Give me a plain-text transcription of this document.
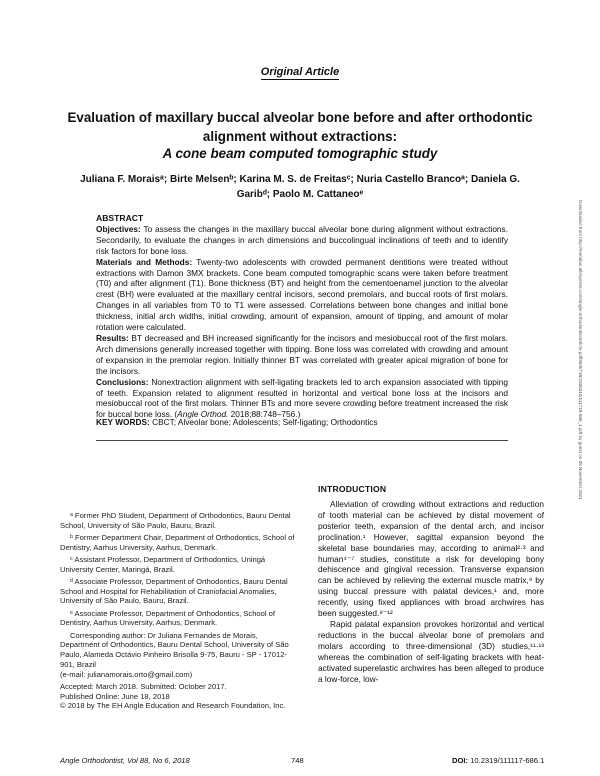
Original Article
Evaluation of maxillary buccal alveolar bone before and after orthodontic alignment without extractions:
A cone beam computed tomographic study
Juliana F. Moraisᵃ; Birte Melsenᵇ; Karina M. S. de Freitasᶜ; Nuria Castello Brancoᵃ; Daniela G.
Garibᵈ; Paolo M. Cattaneoᵉ
ABSTRACT
Objectives: To assess the changes in the maxillary buccal alveolar bone during alignment without extractions. Secondarily, to evaluate the changes in arch dimensions and buccolingual inclinations of teeth and to identify risk factors for bone loss.
Materials and Methods: Twenty-two adolescents with crowded permanent dentitions were treated without extractions with Damon 3MX brackets. Cone beam computed tomographic scans were taken before treatment (T0) and after alignment (T1). Bone thickness (BT) and height from the cementoenamel junction to the alveolar crest (BH) were evaluated at the maxillary central incisors, second premolars, and buccal roots of first molars. Changes in all variables from T0 to T1 were assessed. Correlations between bone changes and initial bone thickness, initial arch widths, initial crowding, amount of expansion, amount of tipping, and amount of molar rotation were calculated.
Results: BT decreased and BH increased significantly for the incisors and mesiobuccal root of the first molars. Arch dimensions generally increased together with tipping. Bone loss was correlated with crowding and amount of expansion in the premolar region. Initially thinner BT was correlated with greater apical migration of bone for the incisors.
Conclusions: Nonextraction alignment with self-ligating brackets led to arch expansion associated with tipping of teeth. Expansion related to alignment resulted in horizontal and vertical bone loss at the incisors and mesiobuccal root of the first molars. Thinner BTs and more severe crowding before treatment increased the risk for buccal bone loss. (Angle Orthod. 2018;88:748–756.)
KEY WORDS: CBCT; Alveolar bone; Adolescents; Self-ligating; Orthodontics	Downloaded from http://meridian.allenpress.com/angle-orthodontist/article-pdf/88/6/748/2336310/111718-686_1.pdf by guest on 05 November 2021

ᵃ Former PhD Student, Department of Orthodontics, Bauru Dental School, University of São Paulo, Bauru, Brazil.

ᵇ Former Department Chair, Department of Orthodontics, School of Dentistry, Aarhus University, Aarhus, Denmark.

ᶜ Assistant Professor, Department of Orthodontics, Uningá University Center, Maringá, Brazil.

ᵈ Associate Professor, Department of Orthodontics, Bauru Dental School and Hospital for Rehabilitation of Craniofacial Anomalies, University of São Paulo, Bauru, Brazil.

ᵉ Associate Professor, Department of Orthodontics, School of Dentistry, Aarhus University, Aarhus, Denmark.

Corresponding author: Dr Juliana Fernandes de Morais, Department of Orthodontics, Bauru Dental School, University of São Paulo, Alameda Octávio Pinheiro Brisolla 9-75, Bauru - SP - 17012-901, Brazil

(e-mail: julianamorais.orto@gmail.com)

Accepted: March 2018. Submitted: October 2017.
Published Online: June 18, 2018
© 2018 by The EH Angle Education and Research Foundation, Inc.
INTRODUCTION

Alleviation of crowding without extractions and reduction of tooth material can be achieved by distal movement of posterior teeth, expansion of the dental arch, and incisor proclination.¹ However, sagittal expansion beyond the skeletal base boundaries may, according to animal²·³ and human⁴⁻⁷ studies, constitute a risk for developing bony dehiscence and gingival recession. Transverse expansion can be achieved by relieving the external muscle matrix,⁸ by using buccal pressure with palatal devices,¹ and, more recently, using fixed appliances with broad archwires has been suggested.⁹⁻¹²

Rapid palatal expansion provokes horizontal and vertical reductions in the buccal alveolar bone of premolars and molars according to three-dimensional (3D) studies,¹¹·¹³ whereas the combination of self-ligating brackets with heat-activated superelastic archwires has been alleged to produce a low-force, low-

Angle Orthodontist, Vol 88, No 6, 2018	748	DOI: 10.2319/111117-686.1
